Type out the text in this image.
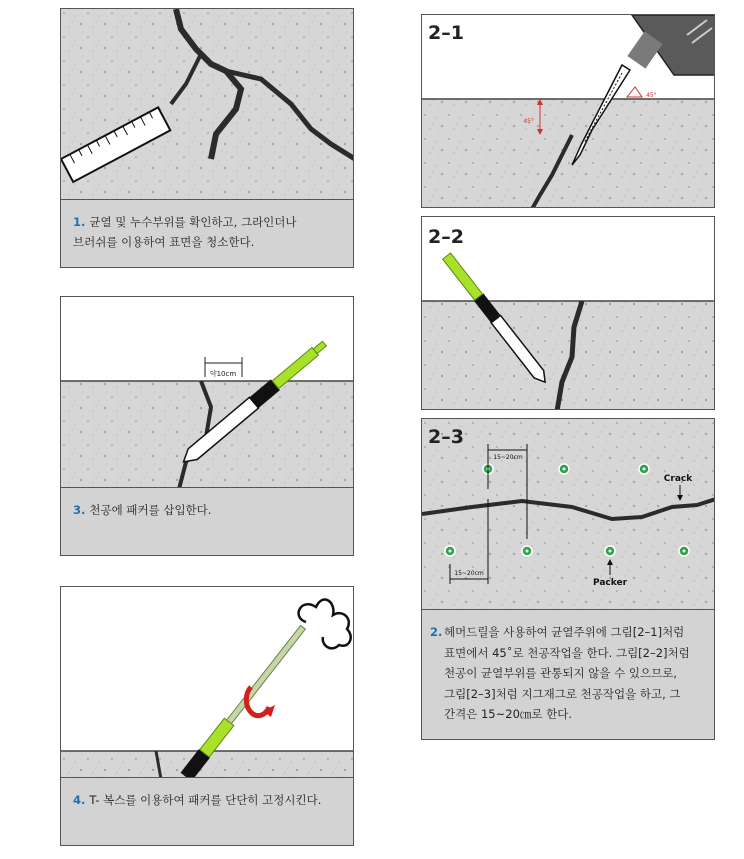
1. 균열 및 누수부위를 확인하고, 그라인더나
브러쉬를 이용하여 표면을 청소한다.
약10cm
3. 천공에 패커를 삽입한다.
4. T- 복스를 이용하여 패커를 단단히 고정시킨다.
2–1
45°
45°
2–2
2–3
15~20cm
15~20cm
Crack
Packer
2. 헤머드릴을 사용하여 균열주위에 그림[2–1]처럼
표면에서 45˚로 천공작업을 한다. 그림[2–2]처럼
천공이 균열부위를 관통되지 않을 수 있으므로,
그림[2–3]처럼 지그재그로 천공작업을 하고, 그
간격은 15~20㎝로 한다.
